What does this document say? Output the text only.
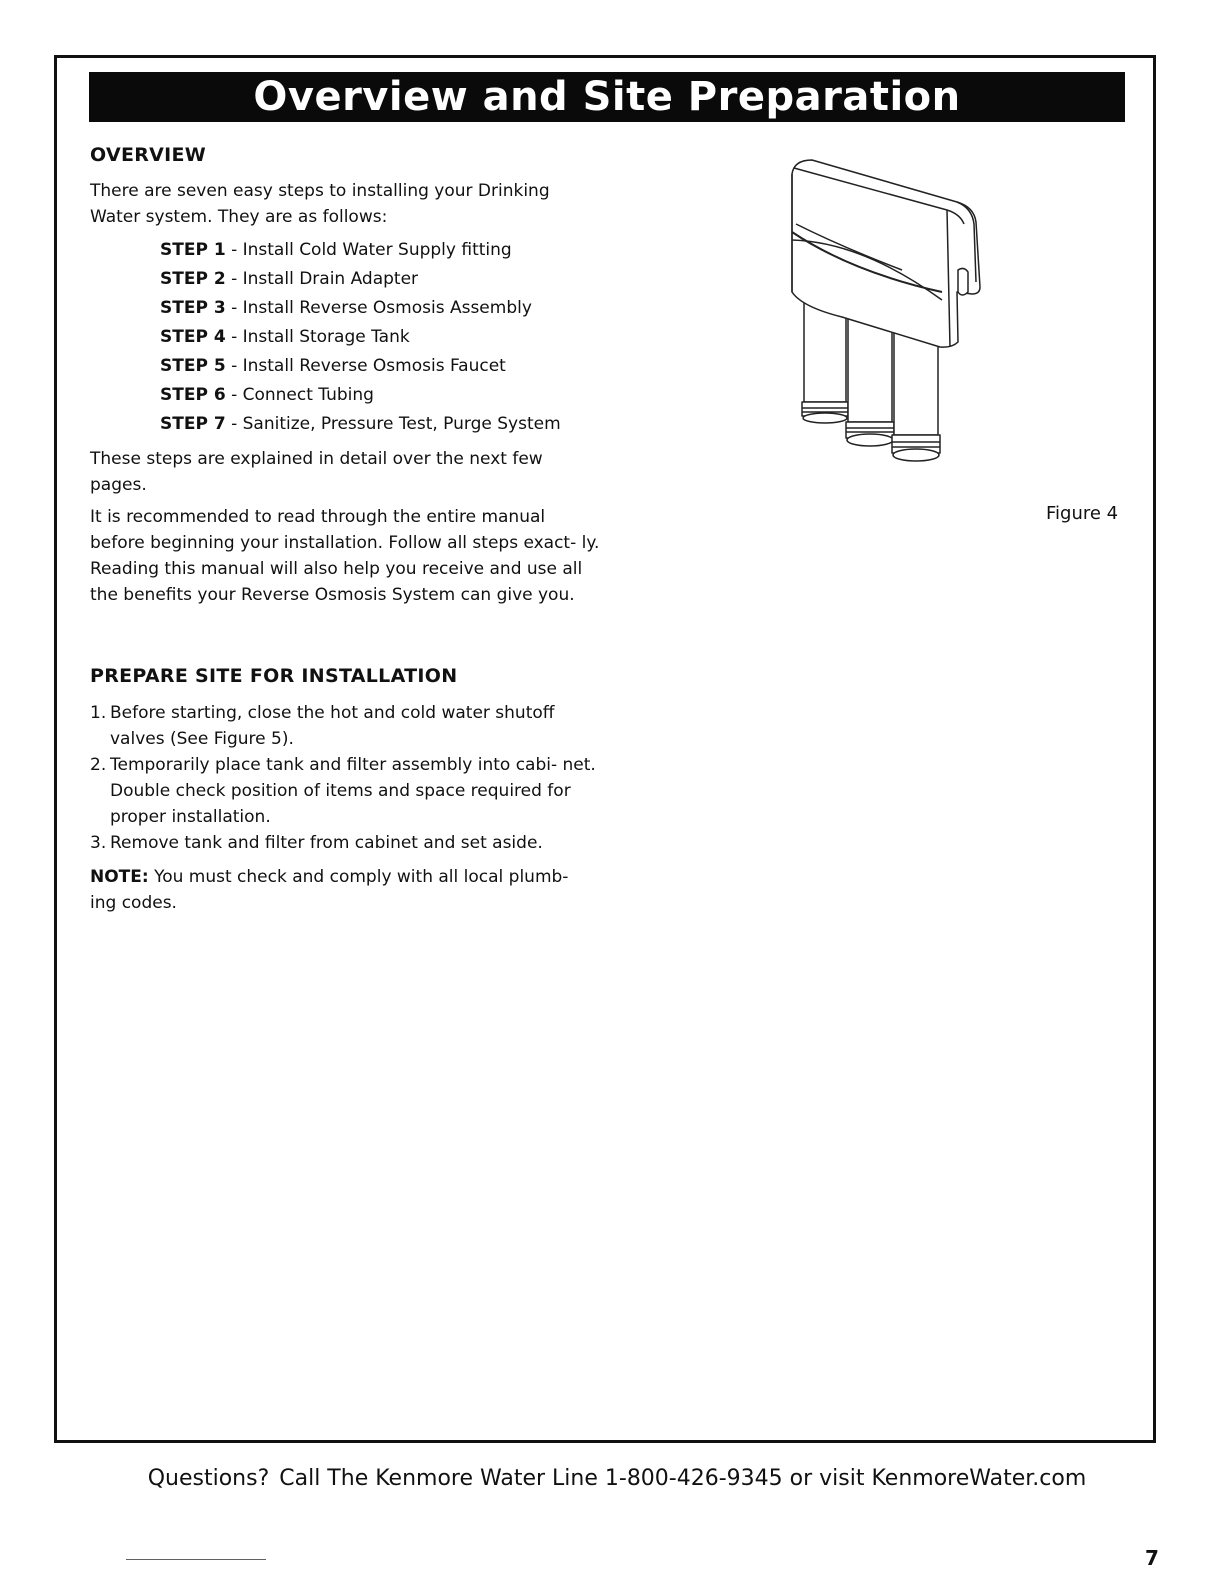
Overview and Site Preparation
OVERVIEW

There are seven easy steps to installing your Drinking Water system. They are as follows:

STEP 1 - Install Cold Water Supply fitting
STEP 2 - Install Drain Adapter
STEP 3 - Install Reverse Osmosis Assembly
STEP 4 - Install Storage Tank
STEP 5 - Install Reverse Osmosis Faucet
STEP 6 - Connect Tubing
STEP 7 - Sanitize, Pressure Test, Purge System

These steps are explained in detail over the next few pages.

It is recommended to read through the entire manual before beginning your installation. Follow all steps exact- ly. Reading this manual will also help you receive and use all the benefits your Reverse Osmosis System can give you.

PREPARE SITE FOR INSTALLATION
1. Before starting, close the hot and cold water shutoff valves (See Figure 5).
2. Temporarily place tank and filter assembly into cabi- net. Double check position of items and space required for proper installation.
3. Remove tank and filter from cabinet and set aside.
NOTE: You must check and comply with all local plumb- ing codes.
Figure 4
Questions? Call The Kenmore Water Line 1-800-426-9345 or visit KenmoreWater.com
7
